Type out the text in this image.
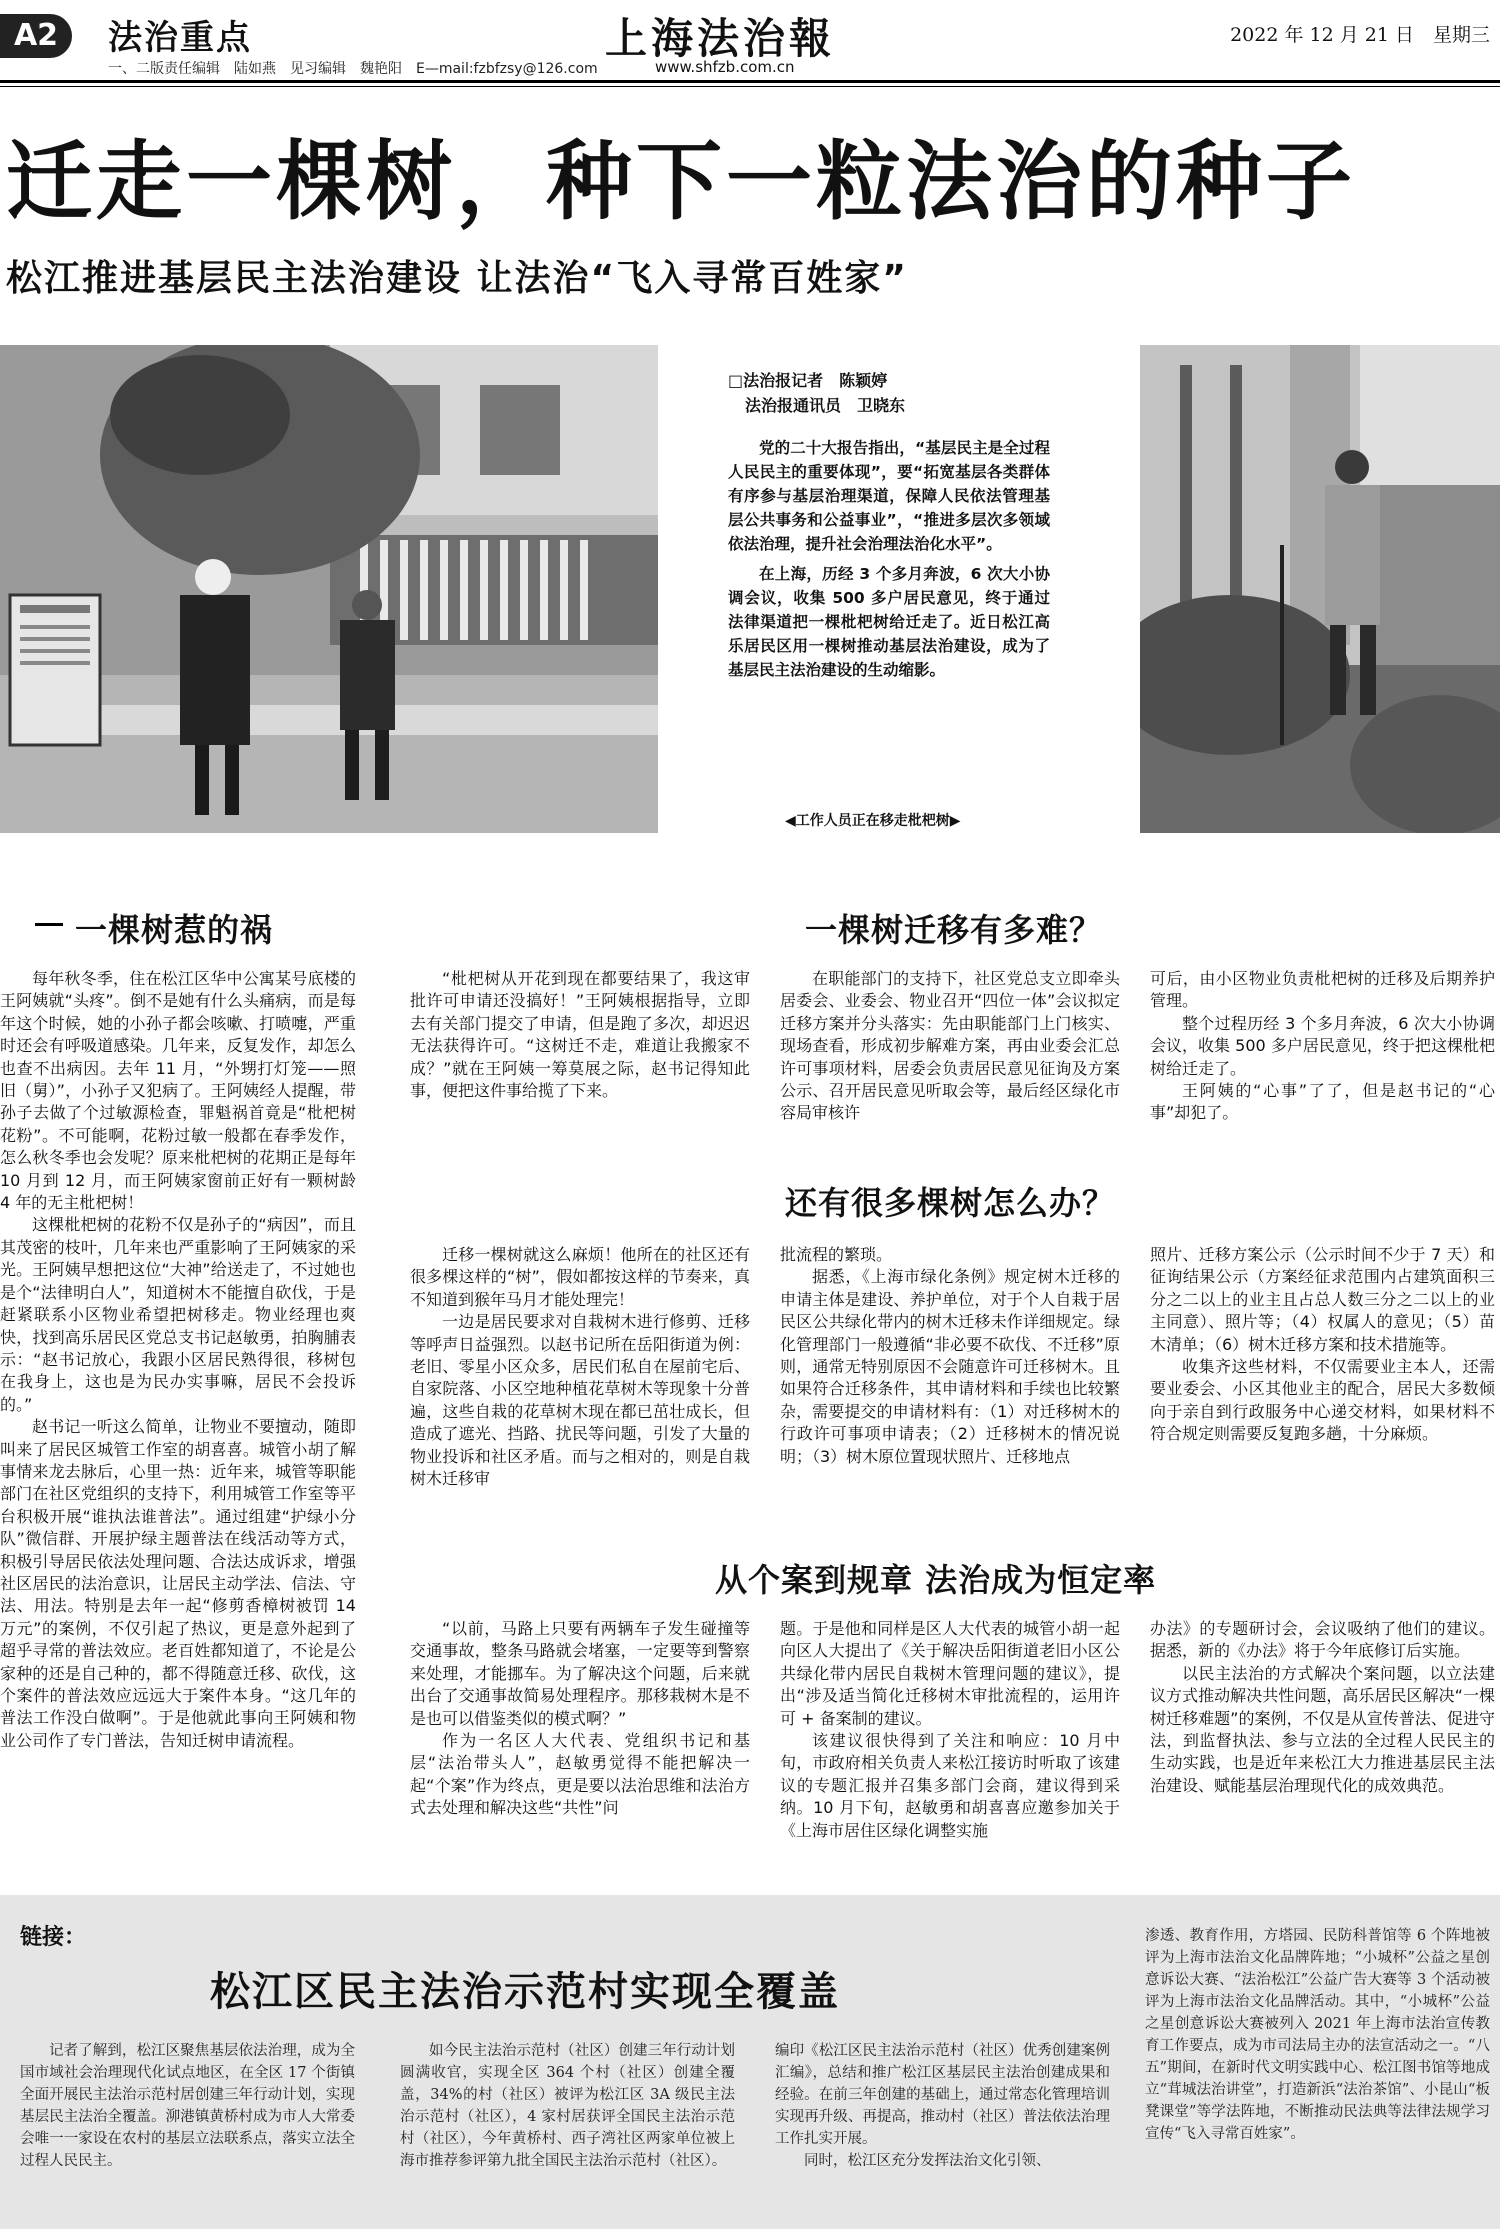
A2	法治重点
一、二版责任编辑　陆如燕　见习编辑　魏艳阳　E—mail:fzbfzsy@126.com
上海法治報
www.shfzb.com.cn
2022 年 12 月 21 日　星期三
迁走一棵树，种下一粒法治的种子
松江推进基层民主法治建设 让法治“飞入寻常百姓家”
□法治报记者　陈颖婷
法治报通讯员　卫晓东

党的二十大报告指出，“基层民主是全过程人民民主的重要体现”，要“拓宽基层各类群体有序参与基层治理渠道，保障人民依法管理基层公共事务和公益事业”，“推进多层次多领域依法治理，提升社会治理法治化水平”。

在上海，历经 3 个多月奔波，6 次大小协调会议，收集 500 多户居民意见，终于通过法律渠道把一棵枇杷树给迁走了。近日松江高乐居民区用一棵树推动基层法治建设，成为了基层民主法治建设的生动缩影。

◀工作人员正在移走枇杷树▶
一棵树惹的祸

每年秋冬季，住在松江区华中公寓某号底楼的王阿姨就“头疼”。倒不是她有什么头痛病，而是每年这个时候，她的小孙子都会咳嗽、打喷嚏，严重时还会有呼吸道感染。几年来，反复发作，却怎么也查不出病因。去年 11 月，“外甥打灯笼——照旧（舅）”，小孙子又犯病了。王阿姨经人提醒，带孙子去做了个过敏源检查，罪魁祸首竟是“枇杷树花粉”。不可能啊，花粉过敏一般都在春季发作，怎么秋冬季也会发呢？原来枇杷树的花期正是每年 10 月到 12 月，而王阿姨家窗前正好有一颗树龄 4 年的无主枇杷树！

这棵枇杷树的花粉不仅是孙子的“病因”，而且其茂密的枝叶，几年来也严重影响了王阿姨家的采光。王阿姨早想把这位“大神”给送走了，不过她也是个“法律明白人”，知道树木不能擅自砍伐，于是赶紧联系小区物业希望把树移走。物业经理也爽快，找到高乐居民区党总支书记赵敏勇，拍胸脯表示：“赵书记放心，我跟小区居民熟得很，移树包在我身上，这也是为民办实事嘛，居民不会投诉的。”

赵书记一听这么简单，让物业不要擅动，随即叫来了居民区城管工作室的胡喜喜。城管小胡了解事情来龙去脉后，心里一热：近年来，城管等职能部门在社区党组织的支持下，利用城管工作室等平台积极开展“谁执法谁普法”。通过组建“护绿小分队”微信群、开展护绿主题普法在线活动等方式，积极引导居民依法处理问题、合法达成诉求，增强社区居民的法治意识，让居民主动学法、信法、守法、用法。特别是去年一起“修剪香樟树被罚 14 万元”的案例，不仅引起了热议，更是意外起到了超乎寻常的普法效应。老百姓都知道了，不论是公家种的还是自己种的，都不得随意迁移、砍伐，这个案件的普法效应远远大于案件本身。“这几年的普法工作没白做啊”。于是他就此事向王阿姨和物业公司作了专门普法，告知迁树申请流程。

“枇杷树从开花到现在都要结果了，我这审批许可申请还没搞好！”王阿姨根据指导，立即去有关部门提交了申请，但是跑了多次，却迟迟无法获得许可。“这树迁不走，难道让我搬家不成？”就在王阿姨一筹莫展之际，赵书记得知此事，便把这件事给揽了下来。

一棵树迁移有多难？

在职能部门的支持下，社区党总支立即牵头居委会、业委会、物业召开“四位一体”会议拟定迁移方案并分头落实：先由职能部门上门核实、现场查看，形成初步解难方案，再由业委会汇总许可事项材料，居委会负责居民意见征询及方案公示、召开居民意见听取会等，最后经区绿化市容局审核许

可后，由小区物业负责枇杷树的迁移及后期养护管理。

整个过程历经 3 个多月奔波，6 次大小协调会议，收集 500 多户居民意见，终于把这棵枇杷树给迁走了。

王阿姨的“心事”了了，但是赵书记的“心事”却犯了。

还有很多棵树怎么办？

迁移一棵树就这么麻烦！他所在的社区还有很多棵这样的“树”，假如都按这样的节奏来，真不知道到猴年马月才能处理完！

一边是居民要求对自栽树木进行修剪、迁移等呼声日益强烈。以赵书记所在岳阳街道为例：老旧、零星小区众多，居民们私自在屋前宅后、自家院落、小区空地种植花草树木等现象十分普遍，这些自栽的花草树木现在都已茁壮成长，但造成了遮光、挡路、扰民等问题，引发了大量的物业投诉和社区矛盾。而与之相对的，则是自栽树木迁移审

批流程的繁琐。

据悉，《上海市绿化条例》规定树木迁移的申请主体是建设、养护单位，对于个人自栽于居民区公共绿化带内的树木迁移未作详细规定。绿化管理部门一般遵循“非必要不砍伐、不迁移”原则，通常无特别原因不会随意许可迁移树木。且如果符合迁移条件，其申请材料和手续也比较繁杂，需要提交的申请材料有：（1）对迁移树木的行政许可事项申请表；（2）迁移树木的情况说明；（3）树木原位置现状照片、迁移地点

照片、迁移方案公示（公示时间不少于 7 天）和征询结果公示（方案经征求范围内占建筑面积三分之二以上的业主且占总人数三分之二以上的业主同意）、照片等；（4）权属人的意见；（5）苗木清单；（6）树木迁移方案和技术措施等。

收集齐这些材料，不仅需要业主本人，还需要业委会、小区其他业主的配合，居民大多数倾向于亲自到行政服务中心递交材料，如果材料不符合规定则需要反复跑多趟，十分麻烦。

从个案到规章 法治成为恒定率

“以前，马路上只要有两辆车子发生碰撞等交通事故，整条马路就会堵塞，一定要等到警察来处理，才能挪车。为了解决这个问题，后来就出台了交通事故简易处理程序。那移栽树木是不是也可以借鉴类似的模式啊？”

作为一名区人大代表、党组织书记和基层“法治带头人”，赵敏勇觉得不能把解决一起“个案”作为终点，更是要以法治思维和法治方式去处理和解决这些“共性”问

题。于是他和同样是区人大代表的城管小胡一起向区人大提出了《关于解决岳阳街道老旧小区公共绿化带内居民自栽树木管理问题的建议》，提出“涉及适当简化迁移树木审批流程的，运用许可 + 备案制的建议。

该建议很快得到了关注和响应：10 月中旬，市政府相关负责人来松江接访时听取了该建议的专题汇报并召集多部门会商，建议得到采纳。10 月下旬，赵敏勇和胡喜喜应邀参加关于《上海市居住区绿化调整实施

办法》的专题研讨会，会议吸纳了他们的建议。据悉，新的《办法》将于今年底修订后实施。

以民主法治的方式解决个案问题，以立法建议方式推动解决共性问题，高乐居民区解决“一棵树迁移难题”的案例，不仅是从宣传普法、促进守法，到监督执法、参与立法的全过程人民民主的生动实践，也是近年来松江大力推进基层民主法治建设、赋能基层治理现代化的成效典范。

链接：
松江区民主法治示范村实现全覆盖

记者了解到，松江区聚焦基层依法治理，成为全国市域社会治理现代化试点地区，在全区 17 个街镇全面开展民主法治示范村居创建三年行动计划，实现基层民主法治全覆盖。泖港镇黄桥村成为市人大常委会唯一一家设在农村的基层立法联系点，落实立法全过程人民民主。

如今民主法治示范村（社区）创建三年行动计划圆满收官，实现全区 364 个村（社区）创建全覆盖，34%的村（社区）被评为松江区 3A 级民主法治示范村（社区），4 家村居获评全国民主法治示范村（社区），今年黄桥村、西子湾社区两家单位被上海市推荐参评第九批全国民主法治示范村（社区）。

编印《松江区民主法治示范村（社区）优秀创建案例汇编》，总结和推广松江区基层民主法治创建成果和经验。在前三年创建的基础上，通过常态化管理培训实现再升级、再提高，推动村（社区）普法依法治理工作扎实开展。

同时，松江区充分发挥法治文化引领、

渗透、教育作用，方塔园、民防科普馆等 6 个阵地被评为上海市法治文化品牌阵地；“小城杯”公益之星创意诉讼大赛、“法治松江”公益广告大赛等 3 个活动被评为上海市法治文化品牌活动。其中，“小城杯”公益之星创意诉讼大赛被列入 2021 年上海市法治宣传教育工作要点，成为市司法局主办的法宣活动之一。“八五”期间，在新时代文明实践中心、松江图书馆等地成立“茸城法治讲堂”，打造新浜“法治茶馆”、小昆山“板凳课堂”等学法阵地，不断推动民法典等法律法规学习宣传“飞入寻常百姓家”。
